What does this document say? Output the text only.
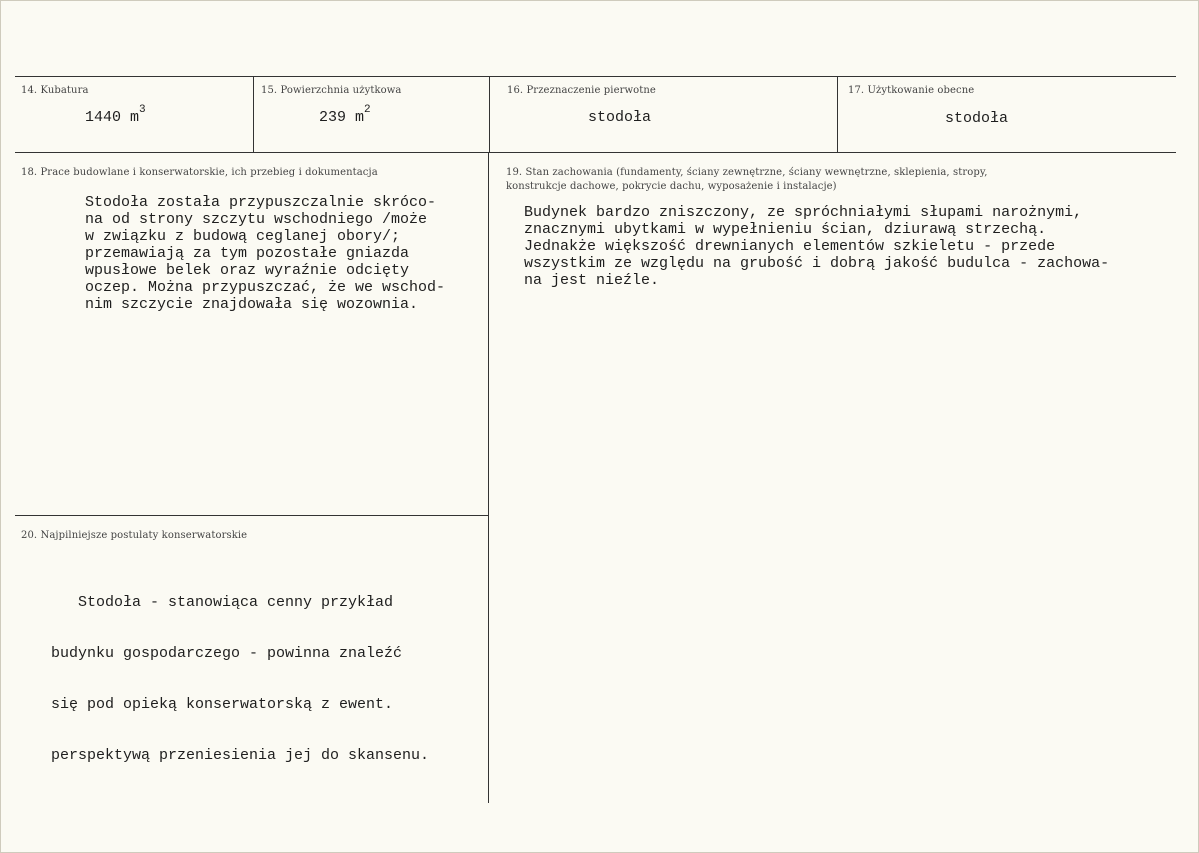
14. Kubatura
1440 $m^3$
15. Powierzchnia użytkowa
239 $m^2$
16. Przeznaczenie pierwotne
stodoła
17. Użytkowanie obecne
stodoła
18. Prace budowlane i konserwatorskie, ich przebieg i dokumentacja
Stodoła została przypuszczalnie skróco-
na od strony szczytu wschodniego /może
w związku z budową ceglanej obory/;
przemawiają za tym pozostałe gniazda
wpusłowe belek oraz wyraźnie odcięty
oczep. Można przypuszczać, że we wschod-
nim szczycie znajdowała się wozownia.
19. Stan zachowania (fundamenty, ściany zewnętrzne, ściany wewnętrzne, sklepienia, stropy,
konstrukcje dachowe, pokrycie dachu, wyposażenie i instalacje)
Budynek bardzo zniszczony, ze spróchniałymi słupami narożnymi,
znacznymi ubytkami w wypełnieniu ścian, dziurawą strzechą.
Jednakże większość drewnianych elementów szkieletu - przede
wszystkim ze względu na grubość i dobrą jakość budulca - zachowa-
na jest nieźle.
20. Najpilniejsze postulaty konserwatorskie

Stodoła - stanowiąca cenny przykład

budynku gospodarczego - powinna znaleźć

się pod opieką konserwatorską z ewent.

perspektywą przeniesienia jej do skansenu.
